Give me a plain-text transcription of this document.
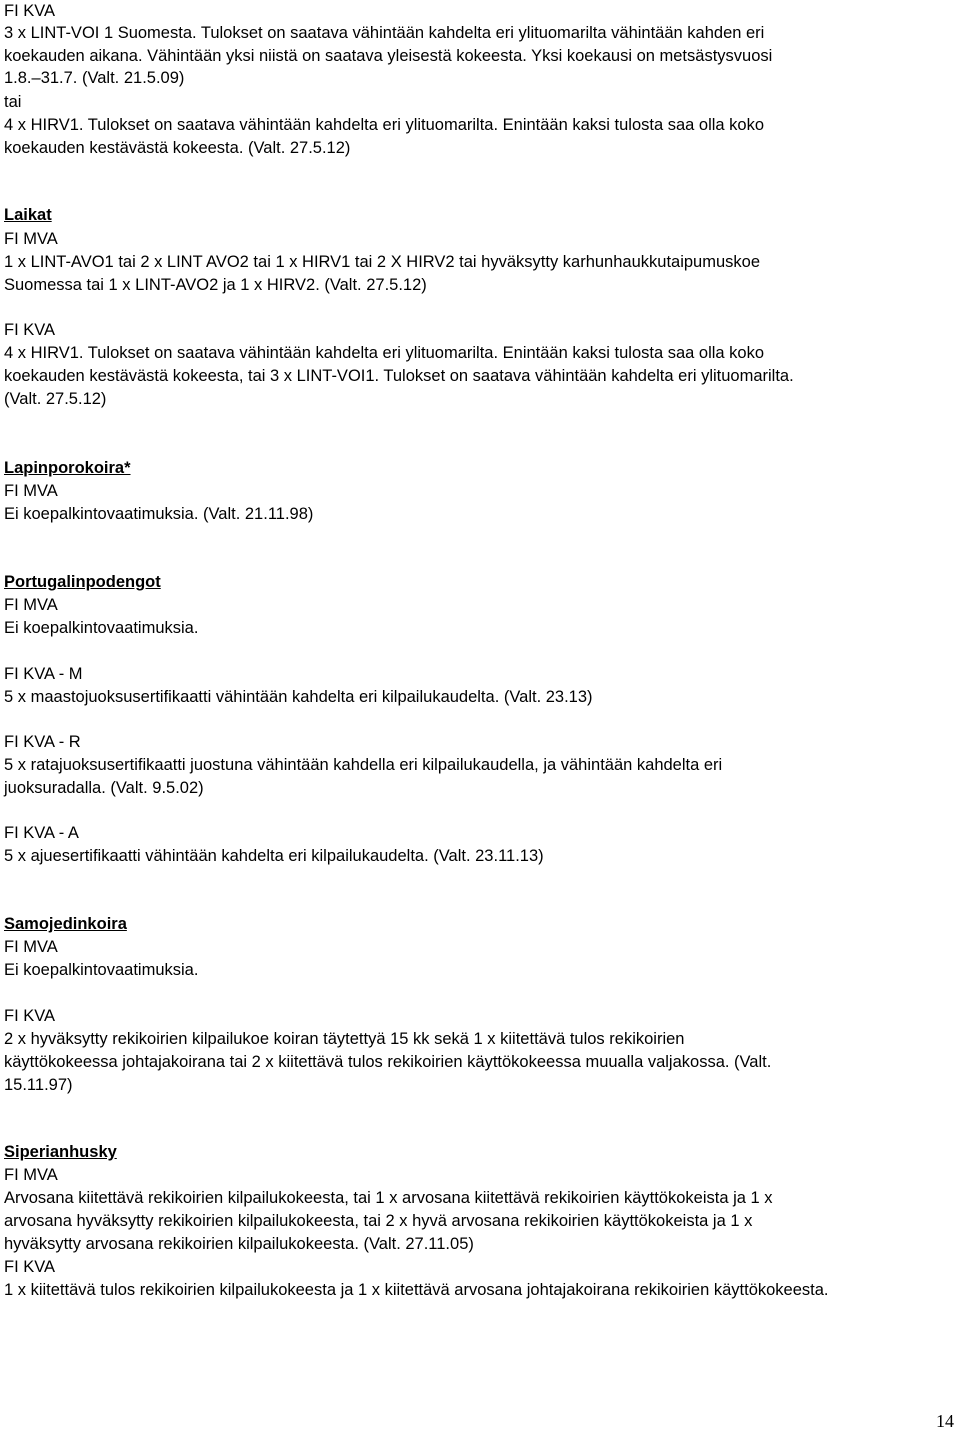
FI KVA
3 x LINT-VOI 1 Suomesta. Tulokset on saatava vähintään kahdelta eri ylituomarilta vähintään kahden eri
koekauden aikana. Vähintään yksi niistä on saatava yleisestä kokeesta. Yksi koekausi on metsästysvuosi
1.8.–31.7. (Valt. 21.5.09)
tai
4 x HIRV1. Tulokset on saatava vähintään kahdelta eri ylituomarilta. Enintään kaksi tulosta saa olla koko
koekauden kestävästä kokeesta. (Valt. 27.5.12)
Laikat
FI MVA
1 x LINT-AVO1 tai 2 x LINT AVO2 tai 1 x HIRV1 tai 2 X HIRV2 tai hyväksytty karhunhaukkutaipumuskoe
Suomessa tai 1 x LINT-AVO2 ja 1 x HIRV2. (Valt. 27.5.12)
FI KVA
4 x HIRV1. Tulokset on saatava vähintään kahdelta eri ylituomarilta. Enintään kaksi tulosta saa olla koko
koekauden kestävästä kokeesta, tai 3 x LINT-VOI1. Tulokset on saatava vähintään kahdelta eri ylituomarilta.
(Valt. 27.5.12)
Lapinporokoira*
FI MVA
Ei koepalkintovaatimuksia. (Valt. 21.11.98)
Portugalinpodengot
FI MVA
Ei koepalkintovaatimuksia.
FI KVA - M
5 x maastojuoksusertifikaatti vähintään kahdelta eri kilpailukaudelta. (Valt. 23.13)
FI KVA - R
5 x ratajuoksusertifikaatti juostuna vähintään kahdella eri kilpailukaudella, ja vähintään kahdelta eri
juoksuradalla. (Valt. 9.5.02)
FI KVA - A
5 x ajuesertifikaatti vähintään kahdelta eri kilpailukaudelta. (Valt. 23.11.13)
Samojedinkoira
FI MVA
Ei koepalkintovaatimuksia.
FI KVA
2 x hyväksytty rekikoirien kilpailukoe koiran täytettyä 15 kk sekä 1 x kiitettävä tulos rekikoirien
käyttökokeessa johtajakoirana tai 2 x kiitettävä tulos rekikoirien käyttökokeessa muualla valjakossa. (Valt.
15.11.97)
Siperianhusky
FI MVA
Arvosana kiitettävä rekikoirien kilpailukokeesta, tai 1 x arvosana kiitettävä rekikoirien käyttökokeista ja 1 x
arvosana hyväksytty rekikoirien kilpailukokeesta, tai 2 x hyvä arvosana rekikoirien käyttökokeista ja 1 x
hyväksytty arvosana rekikoirien kilpailukokeesta. (Valt. 27.11.05)
FI KVA
1 x kiitettävä tulos rekikoirien kilpailukokeesta ja 1 x kiitettävä arvosana johtajakoirana rekikoirien käyttökokeesta.
14
